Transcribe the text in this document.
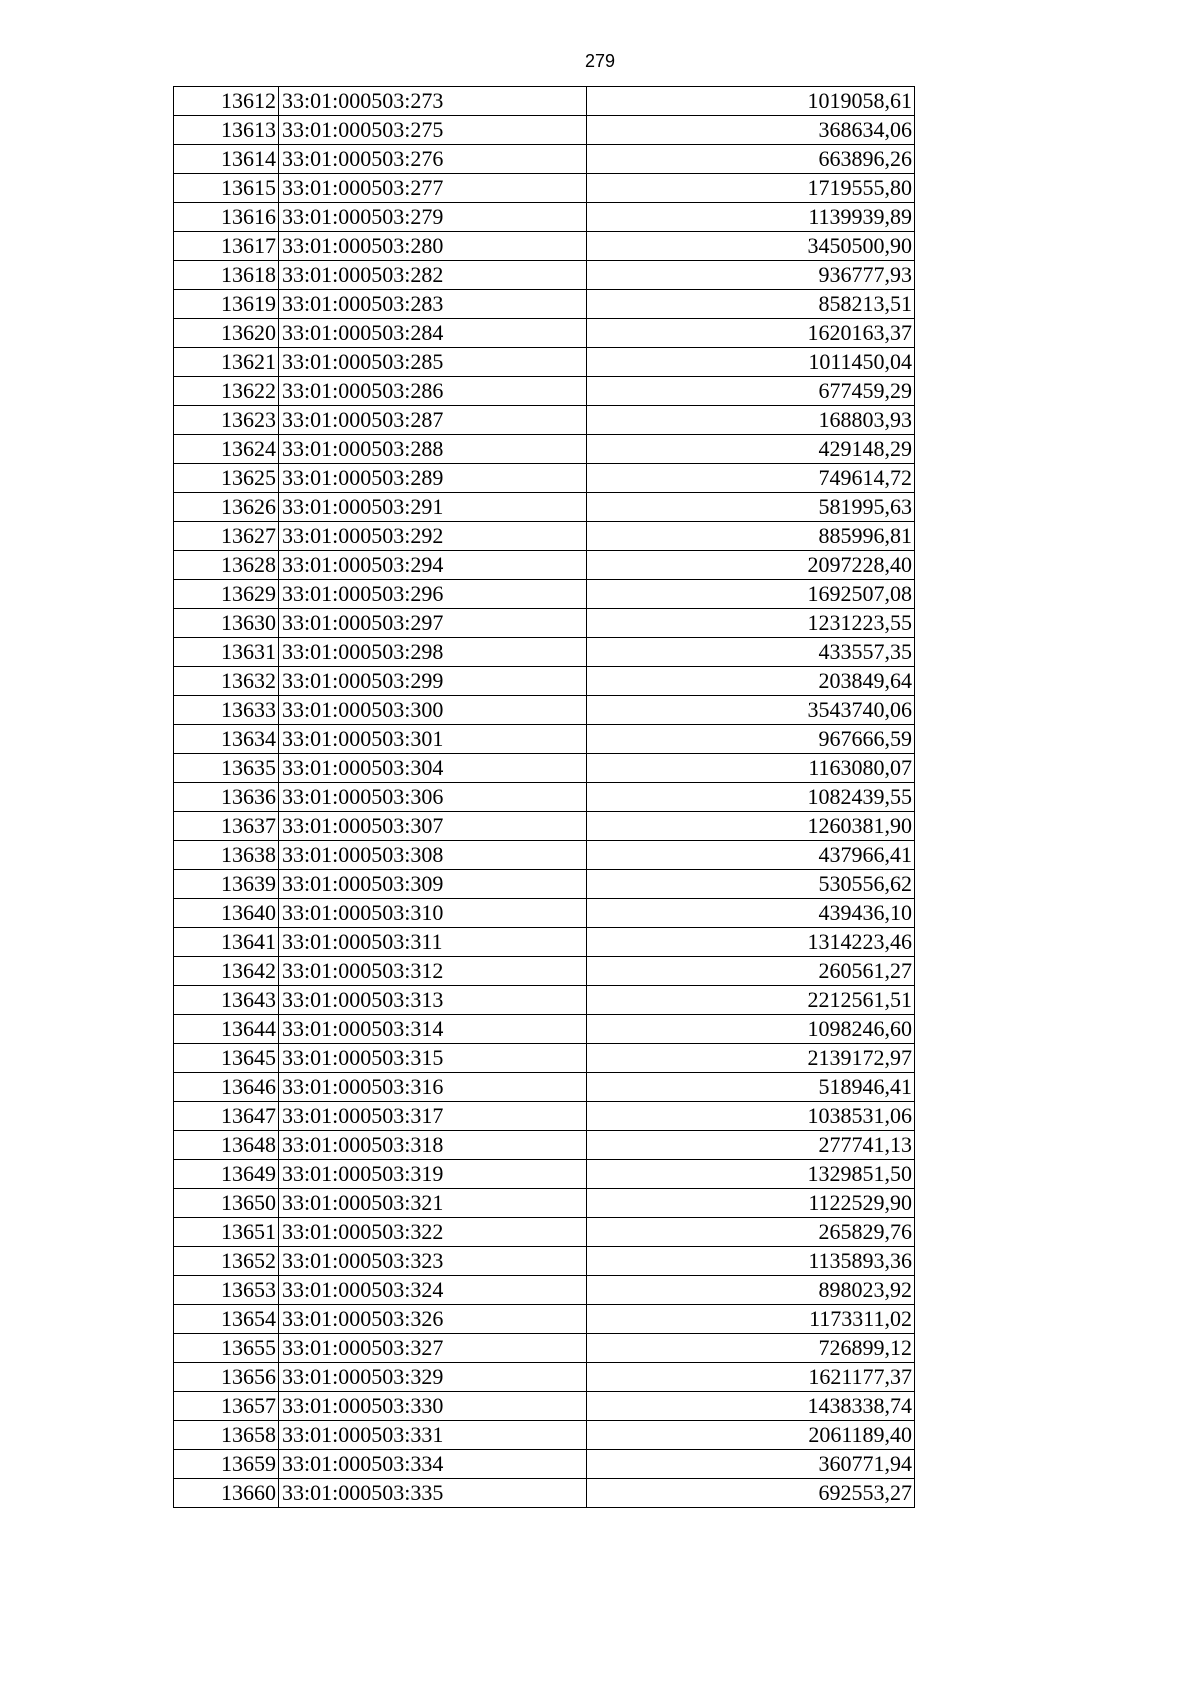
279
13612	33:01:000503:273	1019058,61
13613	33:01:000503:275	368634,06
13614	33:01:000503:276	663896,26
13615	33:01:000503:277	1719555,80
13616	33:01:000503:279	1139939,89
13617	33:01:000503:280	3450500,90
13618	33:01:000503:282	936777,93
13619	33:01:000503:283	858213,51
13620	33:01:000503:284	1620163,37
13621	33:01:000503:285	1011450,04
13622	33:01:000503:286	677459,29
13623	33:01:000503:287	168803,93
13624	33:01:000503:288	429148,29
13625	33:01:000503:289	749614,72
13626	33:01:000503:291	581995,63
13627	33:01:000503:292	885996,81
13628	33:01:000503:294	2097228,40
13629	33:01:000503:296	1692507,08
13630	33:01:000503:297	1231223,55
13631	33:01:000503:298	433557,35
13632	33:01:000503:299	203849,64
13633	33:01:000503:300	3543740,06
13634	33:01:000503:301	967666,59
13635	33:01:000503:304	1163080,07
13636	33:01:000503:306	1082439,55
13637	33:01:000503:307	1260381,90
13638	33:01:000503:308	437966,41
13639	33:01:000503:309	530556,62
13640	33:01:000503:310	439436,10
13641	33:01:000503:311	1314223,46
13642	33:01:000503:312	260561,27
13643	33:01:000503:313	2212561,51
13644	33:01:000503:314	1098246,60
13645	33:01:000503:315	2139172,97
13646	33:01:000503:316	518946,41
13647	33:01:000503:317	1038531,06
13648	33:01:000503:318	277741,13
13649	33:01:000503:319	1329851,50
13650	33:01:000503:321	1122529,90
13651	33:01:000503:322	265829,76
13652	33:01:000503:323	1135893,36
13653	33:01:000503:324	898023,92
13654	33:01:000503:326	1173311,02
13655	33:01:000503:327	726899,12
13656	33:01:000503:329	1621177,37
13657	33:01:000503:330	1438338,74
13658	33:01:000503:331	2061189,40
13659	33:01:000503:334	360771,94
13660	33:01:000503:335	692553,27
